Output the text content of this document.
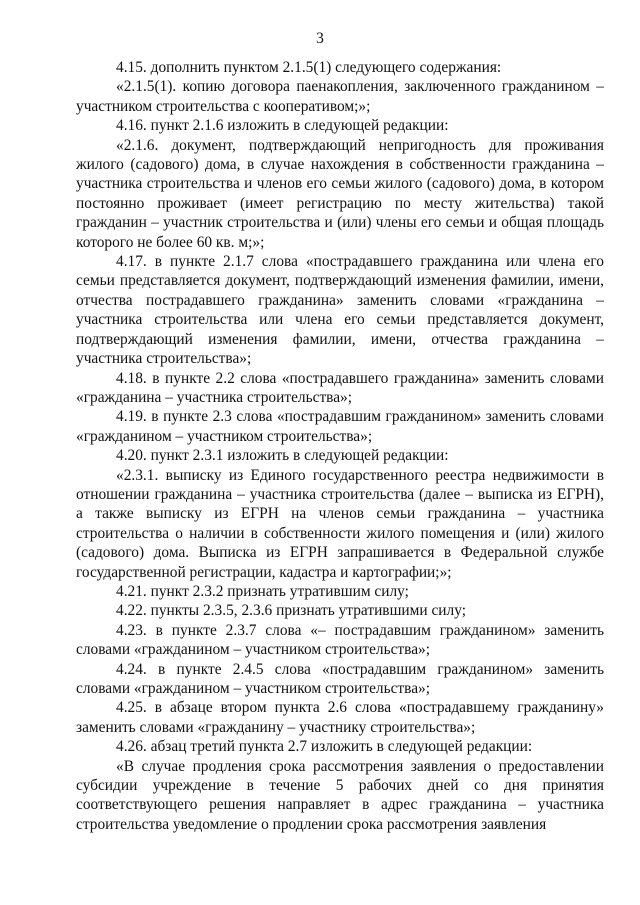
3

4.15. дополнить пунктом 2.1.5(1) следующего содержания:

«2.1.5(1). копию договора паенакопления, заключенного гражданином – участником строительства с кооперативом;»;

4.16. пункт 2.1.6 изложить в следующей редакции:

«2.1.6. документ, подтверждающий непригодность для проживания жилого (садового) дома, в случае нахождения в собственности гражданина – участника строительства и членов его семьи жилого (садового) дома, в котором постоянно проживает (имеет регистрацию по месту жительства) такой гражданин – участник строительства и (или) члены его семьи и общая площадь которого не более 60 кв. м;»;

4.17. в пункте 2.1.7 слова «пострадавшего гражданина или члена его семьи представляется документ, подтверждающий изменения фамилии, имени, отчества пострадавшего гражданина» заменить словами «гражданина – участника строительства или члена его семьи представляется документ, подтверждающий изменения фамилии, имени, отчества гражданина – участника строительства»;

4.18. в пункте 2.2 слова «пострадавшего гражданина» заменить словами «гражданина – участника строительства»;

4.19. в пункте 2.3 слова «пострадавшим гражданином» заменить словами «гражданином – участником строительства»;

4.20. пункт 2.3.1 изложить в следующей редакции:

«2.3.1. выписку из Единого государственного реестра недвижимости в отношении гражданина – участника строительства (далее – выписка из ЕГРН), а также выписку из ЕГРН на членов семьи гражданина – участника строительства о наличии в собственности жилого помещения и (или) жилого (садового) дома. Выписка из ЕГРН запрашивается в Федеральной службе государственной регистрации, кадастра и картографии;»;

4.21. пункт 2.3.2 признать утратившим силу;

4.22. пункты 2.3.5, 2.3.6 признать утратившими силу;

4.23. в пункте 2.3.7 слова «– пострадавшим гражданином» заменить словами «гражданином – участником строительства»;

4.24. в пункте 2.4.5 слова «пострадавшим гражданином» заменить словами «гражданином – участником строительства»;

4.25. в абзаце втором пункта 2.6 слова «пострадавшему гражданину» заменить словами «гражданину – участнику строительства»;

4.26. абзац третий пункта 2.7 изложить в следующей редакции:

«В случае продления срока рассмотрения заявления о предоставлении субсидии учреждение в течение 5 рабочих дней со дня принятия соответствующего решения направляет в адрес гражданина – участника строительства уведомление о продлении срока рассмотрения заявления
